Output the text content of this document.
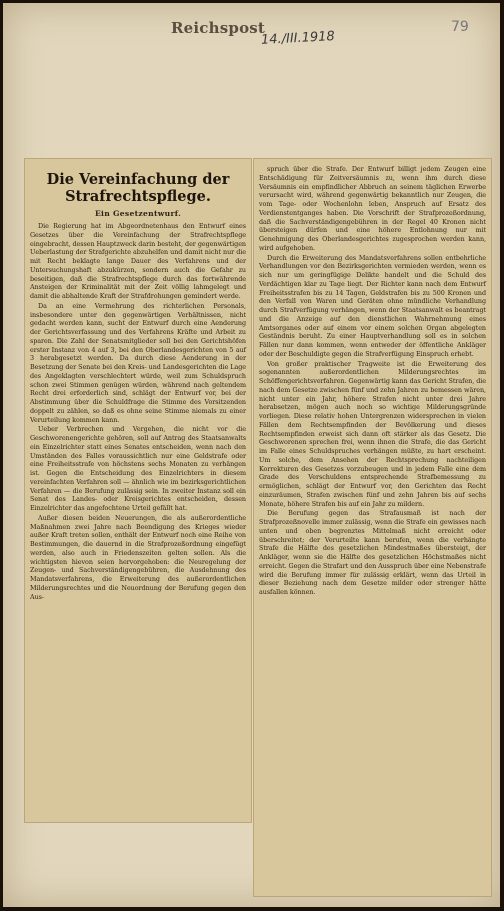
Reichspost
14./III.1918
79
Die Vereinfachung der Strafrechtspflege.
Ein Gesetzentwurf.

Die Regierung hat im Abgeordnetenhaus den Entwurf eines Gesetzes über die Vereinfachung der Strafrechtspflege eingebracht, dessen Hauptzweck darin besteht, der gegenwärtigen Ueberlastung der Strafgerichte abzuhelfen und damit nicht nur die mit Recht beklagte lange Dauer des Verfahrens und der Untersuchungshaft abzukürzen, sondern auch die Gefahr zu beseitigen, daß die Strafrechtspflege durch das fortwährende Ansteigen der Kriminalität mit der Zeit völlig lahmgelegt und damit die abhaltende Kraft der Strafdrohungen gemindert werde.

Da an eine Vermehrung des richterlichen Personals, insbesondere unter den gegenwärtigen Verhältnissen, nicht gedacht werden kann, sucht der Entwurf durch eine Aenderung der Gerichtsverfassung und des Verfahrens Kräfte und Arbeit zu sparen. Die Zahl der Senatsmitglieder soll bei den Gerichtshöfen erster Instanz von 4 auf 3, bei den Oberlandesgerichten von 5 auf 3 herabgesetzt werden. Da durch diese Aenderung in der Besetzung der Senate bei den Kreis- und Landesgerichten die Lage des Angeklagten verschlechtert würde, weil zum Schuldspruch schon zwei Stimmen genügen würden, während nach geltendem Recht drei erforderlich sind, schlägt der Entwurf vor, bei der Abstimmung über die Schuldfrage die Stimme des Vorsitzenden doppelt zu zählen, so daß es ohne seine Stimme niemals zu einer Verurteilung kommen kann.

Ueber Verbrechen und Vergehen, die nicht vor die Geschworenengerichte gehören, soll auf Antrag des Staatsanwalts ein Einzelrichter statt eines Senates entscheiden, wenn nach den Umständen des Falles voraussichtlich nur eine Geldstrafe oder eine Freiheitsstrafe von höchstens sechs Monaten zu verhängen ist. Gegen die Entscheidung des Einzelrichters in diesem vereinfachten Verfahren soll — ähnlich wie im bezirksgerichtlichen Verfahren — die Berufung zulässig sein. In zweiter Instanz soll ein Senat des Landes- oder Kreisgerichtes entscheiden, dessen Einzelrichter das angefochtene Urteil gefällt hat.

Außer diesen beiden Neuerungen, die als außerordentliche Maßnahmen zwei Jahre nach Beendigung des Krieges wieder außer Kraft treten sollen, enthält der Entwurf noch eine Reihe von Bestimmungen, die dauernd in die Strafprozeßordnung eingefügt werden, also auch in Friedenszeiten gelten sollen. Als die wichtigsten hievon seien hervorgehoben: die Neuregelung der Zeugen- und Sachverständigengebühren, die Ausdehnung des Mandatsverfahrens, die Erweiterung des außerordentlichen Milderungsrechtes und die Neuordnung der Berufung gegen den Aus-

spruch über die Strafe. Der Entwurf billigt jedem Zeugen eine Entschädigung für Zeitversäumnis zu, wenn ihm durch diese Versäumnis ein empfindlicher Abbruch an seinem täglichen Erwerbe verursacht wird, während gegenwärtig bekanntlich nur Zeugen, die vom Tage- oder Wochenlohn leben, Anspruch auf Ersatz des Verdienstentganges haben. Die Vorschrift der Strafprozeßordnung, daß die Sachverständigengebühren in der Regel 40 Kronen nicht übersteigen dürfen und eine höhere Entlohnung nur mit Genehmigung des Oberlandesgerichtes zugesprochen werden kann, wird aufgehoben.

Durch die Erweiterung des Mandatsverfahrens sollen entbehrliche Verhandlungen vor den Bezirksgerichten vermieden werden, wenn es sich nur um geringfügige Delikte handelt und die Schuld des Verdächtigen klar zu Tage liegt. Der Richter kann nach dem Entwurf Freiheitsstrafen bis zu 14 Tagen, Geldstrafen bis zu 500 Kronen und den Verfall von Waren und Geräten ohne mündliche Verhandlung durch Strafverfügung verhängen, wenn der Staatsanwalt es beantragt und die Anzeige auf den dienstlichen Wahrnehmung eines Amtsorganes oder auf einem vor einem solchen Organ abgelegten Geständnis beruht. Zu einer Hauptverhandlung soll es in solchen Fällen nur dann kommen, wenn entweder der öffentliche Ankläger oder der Beschuldigte gegen die Strafverfügung Einspruch erhebt.

Von großer praktischer Tragweite ist die Erweiterung des sogenannten außerordentlichen Milderungsrechtes im Schöffengerichtsverfahren. Gegenwärtig kann das Gericht Strafen, die nach dem Gesetze zwischen fünf und zehn Jahren zu bemessen wären, nicht unter ein Jahr, höhere Strafen nicht unter drei Jahre herabsetzen, mögen auch noch so wichtige Milderungsgründe vorliegen. Diese relativ hohen Untergrenzen widersprechen in vielen Fällen dem Rechtsempfinden der Bevölkerung und dieses Rechtsempfinden erweist sich dann oft stärker als das Gesetz. Die Geschworenen sprechen frei, wenn ihnen die Strafe, die das Gericht im Falle eines Schuldspruches verhängen müßte, zu hart erscheint. Um solche, dem Ansehen der Rechtsprechung nachteiligen Korrekturen des Gesetzes vorzubeugen und in jedem Falle eine dem Grade des Verschuldens entsprechende Strafbemessung zu ermöglichen, schlägt der Entwurf vor, den Gerichten das Recht einzuräumen, Strafen zwischen fünf und zehn Jahren bis auf sechs Monate, höhere Strafen bis auf ein Jahr zu mildern.

Die Berufung gegen das Strafausmaß ist nach der Strafprozeßnovelle immer zulässig, wenn die Strafe ein gewisses nach unten und oben begrenztes Mittelmaß nicht erreicht oder überschreitet; der Verurteilte kann berufen, wenn die verhängte Strafe die Hälfte des gesetzlichen Mindestmaßes übersteigt, der Ankläger, wenn sie die Hälfte des gesetzlichen Höchstmaßes nicht erreicht. Gegen die Strafart und den Ausspruch über eine Nebenstrafe wird die Berufung immer für zulässig erklärt, wenn das Urteil in dieser Beziehung nach dem Gesetze milder oder strenger hätte ausfallen können.
